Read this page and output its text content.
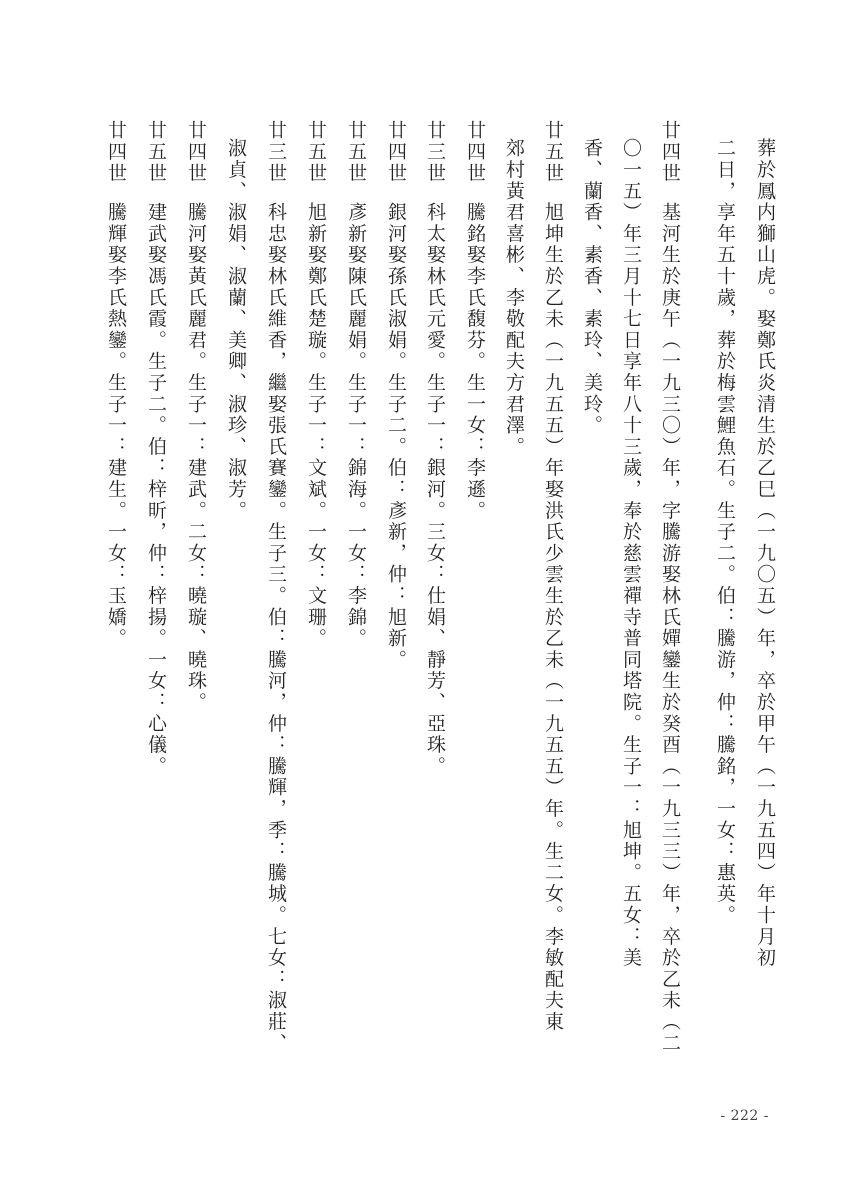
葬於鳳内獅山虎。娶鄭氏炎清生於乙巳（一九〇五）年，卒於甲午（一九五四）年十月初
二日，享年五十歲，葬於梅雲鯉魚石。生子二。伯：騰游，仲：騰銘，一女：惠英。
廿四世基河生於庚午（一九三〇）年，字騰游娶林氏嬋鑾生於癸酉（一九三三）年，卒於乙未（二
〇一五）年三月十七日享年八十三歲，奉於慈雲禪寺普同塔院。生子一：旭坤。五女：美
香、蘭香、素香、素玲、美玲。
廿五世旭坤生於乙未（一九五五）年娶洪氏少雲生於乙未（一九五五）年。生二女。李敏配夫東
郊村黃君喜彬、李敬配夫方君澤。
廿四世騰銘娶李氏馥芬。生一女：李遜。
廿三世科太娶林氏元愛。生子一：銀河。三女：仕娟、靜芳、亞珠。
廿四世銀河娶孫氏淑娟。生子二。伯：彥新，仲：旭新。
廿五世彥新娶陳氏麗娟。生子一：錦海。一女：李錦。
廿五世旭新娶鄭氏楚璇。生子一：文斌。一女：文珊。
廿三世科忠娶林氏維香，繼娶張氏賽鑾。生子三。伯：騰河，仲：騰輝，季：騰城。七女：淑莊、
淑貞、淑娟、淑蘭、美卿、淑珍、淑芳。
廿四世騰河娶黃氏麗君。生子一：建武。二女：曉璇、曉珠。
廿五世建武娶馮氏霞。生子二。伯：梓昕，仲：梓揚。一女：心儀。
廿四世騰輝娶李氏熱鑾。生子一：建生。一女：玉嬌。
- 222 -
